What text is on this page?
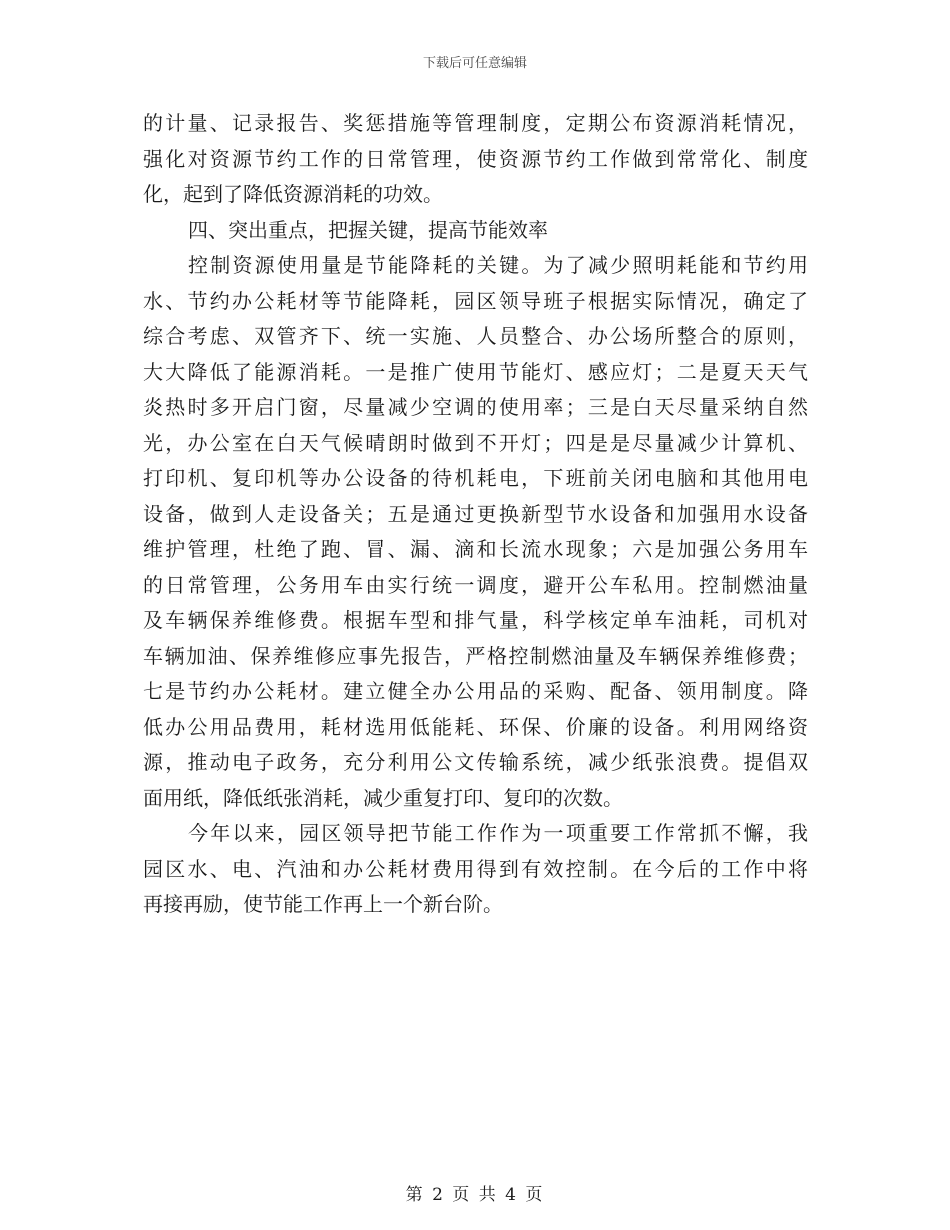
下载后可任意编辑
的计量、记录报告、奖惩措施等管理制度，定期公布资源消耗情况，
强化对资源节约工作的日常管理，使资源节约工作做到常常化、制度
化，起到了降低资源消耗的功效。
四、突出重点，把握关键，提高节能效率
控制资源使用量是节能降耗的关键。为了减少照明耗能和节约用
水、节约办公耗材等节能降耗，园区领导班子根据实际情况，确定了
综合考虑、双管齐下、统一实施、人员整合、办公场所整合的原则，
大大降低了能源消耗。一是推广使用节能灯、感应灯；二是夏天天气
炎热时多开启门窗，尽量减少空调的使用率；三是白天尽量采纳自然
光，办公室在白天气候晴朗时做到不开灯；四是是尽量减少计算机、
打印机、复印机等办公设备的待机耗电，下班前关闭电脑和其他用电
设备，做到人走设备关；五是通过更换新型节水设备和加强用水设备
维护管理，杜绝了跑、冒、漏、滴和长流水现象；六是加强公务用车
的日常管理，公务用车由实行统一调度，避开公车私用。控制燃油量
及车辆保养维修费。根据车型和排气量，科学核定单车油耗，司机对
车辆加油、保养维修应事先报告，严格控制燃油量及车辆保养维修费；
七是节约办公耗材。建立健全办公用品的采购、配备、领用制度。降
低办公用品费用，耗材选用低能耗、环保、价廉的设备。利用网络资
源，推动电子政务，充分利用公文传输系统，减少纸张浪费。提倡双
面用纸，降低纸张消耗，减少重复打印、复印的次数。
今年以来，园区领导把节能工作作为一项重要工作常抓不懈，我
园区水、电、汽油和办公耗材费用得到有效控制。在今后的工作中将
再接再励，使节能工作再上一个新台阶。
第 2 页 共 4 页
